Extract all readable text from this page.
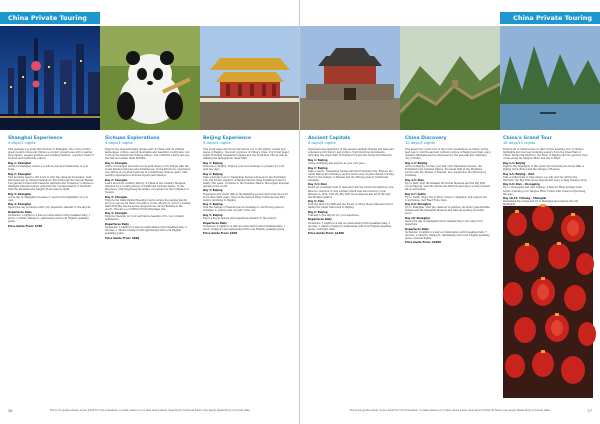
China Private Touring
Shanghai Experience
4 days/3 nights

This package is a great introduction to Shanghai. One of the world's great modern cities and China's economic powerhouse with towering skyscrapers, elegant gardens and bustling markets - a perfect blend of modern and traditional culture.

Day 1: Shanghai

Arrive in Shanghai, where you will be met and transferred to your hotel.

Day 2: Shanghai

This morning head to Old Town to visit the classical Yu Garden, built 400 years ago in tranquil splendour. Stroll through the Yuyuan Bazaar. The garden is filled with beautiful pavilions and rockeries. Continue to Shanghai Museum before exploring the colonial charms of the Bund. Visit the Xintiandi and Nanjing Road area by night.

Day 3: Shanghai

A free day in Shanghai at leisure to explore the highlights on your own.

Day 4: Shanghai

Spend the day at leisure until your departure transfer to the airport.

Departures Daily

Inclusions: 3 nights in 4 star accommodation with breakfast daily, 1 lunch, 1 dinner, transport, sightseeing with local English speaking guide.

Price Guide From: $789
Sichuan Explorations
4 days/3 nights

Explore the unquestionably unique part of China with its striking landscapes, culture, sacred mountains and beautiful countryside. Get to know the traditional Chinese dishes, visit a PANDA Centre and see the famous Leshan Giant Buddha.

Day 1: Chengdu

Arrive in Chengdu and visit a local park where you'll mingle with the locals playing mah jong and drinking tea. In the afternoon, experience tea culture in a typical teahouse in a traditional Chinese game. This evening experience a Sichuan Opera performance.

Day 2: Chengdu

Learn about the culinary history of China at the Culinary Museum, followed by a cooking lesson of traditional Sichuan dishes. In the afternoon, visit Qingcheng Mountain, recognised as the birthplace of Taoism.

Day 3: Chengdu

Explore the Giant Panda Breeding Centre where the pandas playful and you can see all their cute antics. In the afternoon, drive to Leshan Giant Buddha, known as the largest stone carved Buddha in the world. This site is a UNESCO World Heritage site.

Day 4: Chengdu

Explore Chengdu for your self before heading off to your onward destination.

Departures Daily

Inclusions: 3 nights in 4 star accommodation with breakfast daily, 2 lunches, 1 dinner, transport and sightseeing with local English speaking guide.

Price Guide From: $899
Beijing Experience
5 days/4 nights

This great value short tour introduces you to the sights, sounds and tastes of Beijing - the most populous of China's cities. You'll visit major sights including Tiananmen Square and the Forbidden City as well as walking the atmospheric Great Wall.

Day 1: Beijing

Welcome to Beijing. Explore your surroundings to prepare for your next few days.

Day 2: Beijing

Take a full day tour to Tiananmen Square followed by the Forbidden City, the former emperor of Beijing and the Qing Dynasties ruled for nearly 500 years. Continue to the Summer Palace, the largest imperial garden in the world.

Day 3: Beijing

Experience the Great Wall at the Badaling section which has stood for more than 2000 years. Stop at the famous Ming Tombs Sacred Way before returning to Beijing.

Day 4: Beijing

Visit the Temple of Heaven before travelling to the Hutong area by rickshaw to explore this old part of the city.

Day 5: Beijing

Enjoy a day at leisure until departure transfer to the airport.

Departures Daily

Inclusions: 4 nights in 4 star accommodation with breakfast daily, 1 lunch, transport and sightseeing with local English speaking guide.

Price Guide From: $929
The price guide shown is per adult for two travellers, in peak season on a twin share basis. Special promotional fares may apply depending on travel date.
26
China Private Touring
Ancient Capitals
6 days/5 nights

Experience the splendour of the ancient capitals, Beijing and Xian and experience rich history and culture. Visit historical monuments including the Great Wall, Forbidden City and the Terracotta Warriors.

Day 1: Beijing

Arrive in Beijing and explore at your own pace.

Day 2: Beijing

Take a visit to Tiananmen Square and the Forbidden City. Explore the Great Wall at the Mutianyu section with a stop at Jade Garden Carving Factory, the Temple of Heaven and the Hutong area by traditional rickshaw.

Day 3-4: Xian

Board an overnight train to Xian and visit the Terracotta Warriors, the famous collection of clay soldiers which was discovered by local farmers in 1974. Visit the Big Wild Goose Pagoda and stroll through the Muslim Quarter.

Day 5: Xian

Visit the Xian City Wall and the Forest of Stone Steles Museum before taking the bullet train back to Beijing.

Day 6: Beijing

Transfer to the airport for your departure.

Departures Daily

Inclusions: 5 nights in 4 star accommodation with breakfast daily, 3 lunches, 1 dinner, transport, sightseeing with local English speaking guide, overnight train.

Price Guide From: $1399
China Discovery
10 days/9 nights

This ideal tour covers four of the iconic destinations in China. As the best way to visit the ancient cultural centres of Beijing and Xian, enjoy dynamic Shanghai and be impressed by the peaceful and charming city of Guilin.

Day 1-3: Beijing

Arrive in Beijing. During your stay visit Tiananmen Square, the Forbidden City, Summer Palace, the Great Wall at the Mutianyu section and the Temple of Heaven. Also experience the Hutongs by rickshaw.

Day 4-5: Xian

Fly to Xian. Visit the Shaanxi Provincial Museum and the Big Wild Goose Pagoda. Visit the Terracotta Warriors and enjoy a Tang Dynasty Show and dinner.

Day 6-7: Guilin

Fly to Guilin. Enjoy the Li River cruise to Yangshuo and explore the countryside, visit Reed Flute Cave.

Day 8-9: Shanghai

Fly to Shanghai. Visit the classical Yu Garden, the Bund, Jade Buddha Temple and the Shanghai Museum and take an evening acrobatic show.

Day 10: Shanghai

Spend the day in Shanghai before transferring to the airport for departure.

Departures Daily

Inclusions: 9 nights in 4 star accommodation with breakfast daily, 7 lunches, 2 dinners, transport, sightseeing with local English speaking guide, internal flights.

Price Guide From: $2699
China's Grand Tour
16 days/15 nights

Explore all of China's best on offer on this amazing tour of China's highlights and discover stunning scenery from the Great Wall of China, Terracotta Warriors, the River of Beijing and the glorious river cruise along the Yangtze River and the Li River.

Day 1-3: Beijing

Explore the highlights of this great city including the Great Wall, a Peking Duck dinner and the Temple of Heaven.

Day 4-5: Beijing - Xian

Take a bullet train to Xian where you will visit the Terracotta Warriors, the Big Wild Goose Pagoda and enjoy a Tang Dynasty show.

Day 6-9: Xian - Chongqing

Fly to Chongqing and visit Ciqikou, a historic Ming dynasty town before boarding your Yangtze River Cruise with onshore trips along the way.

Day 10-12: Yichang - Shanghai

Disembark the cruise and fly to Shanghai and explore the city highlights.

The price guide shown is per adult for two travellers, in peak season on a twin share basis. Special promotional fares may apply depending on travel date.	27
